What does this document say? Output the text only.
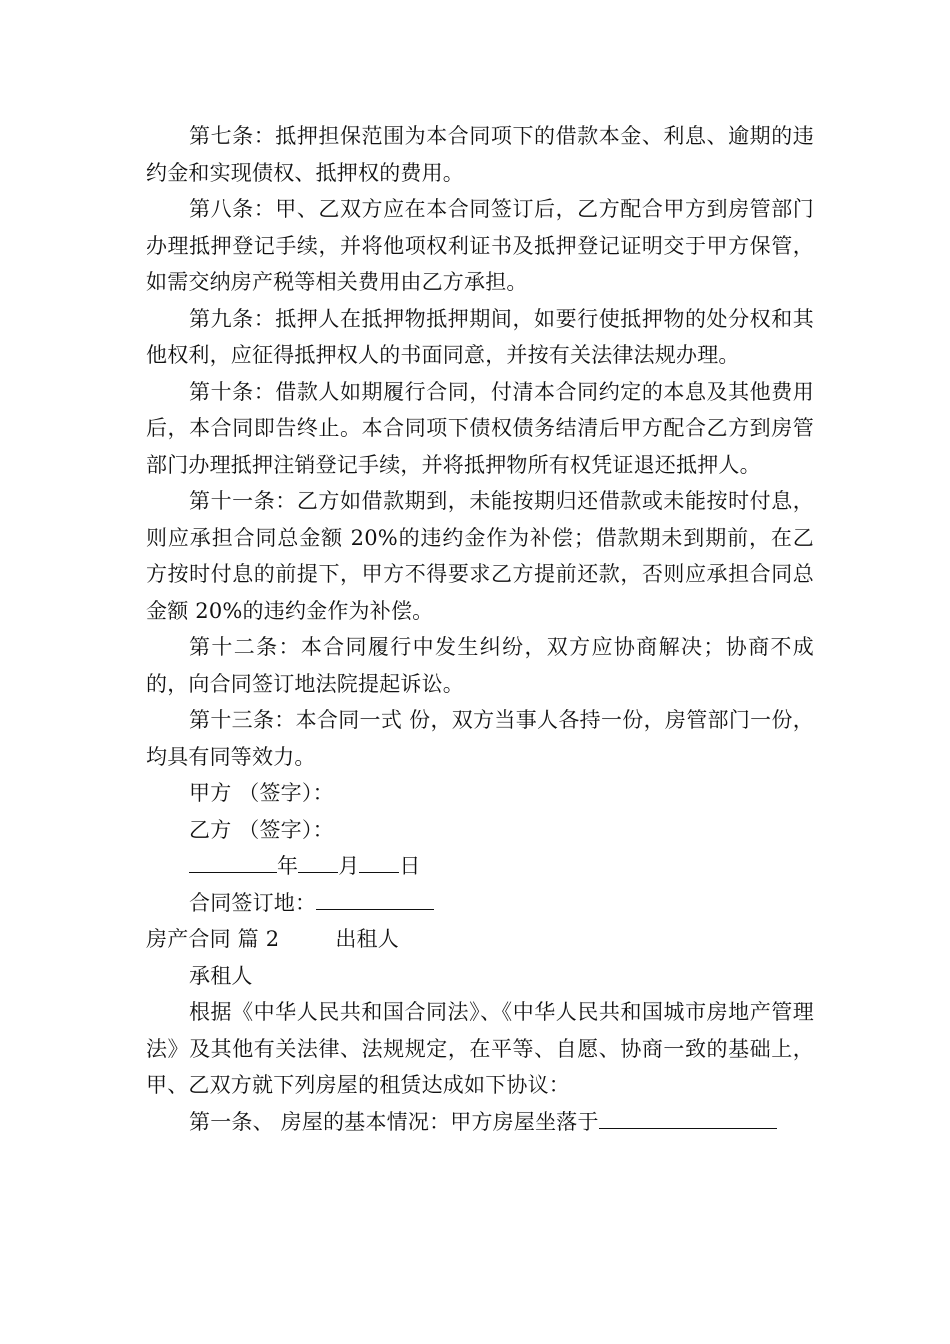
第七条：抵押担保范围为本合同项下的借款本金、利息、逾期的违约金和实现债权、抵押权的费用。

第八条：甲、乙双方应在本合同签订后，乙方配合甲方到房管部门办理抵押登记手续，并将他项权利证书及抵押登记证明交于甲方保管，如需交纳房产税等相关费用由乙方承担。

第九条：抵押人在抵押物抵押期间，如要行使抵押物的处分权和其他权利，应征得抵押权人的书面同意，并按有关法律法规办理。

第十条：借款人如期履行合同，付清本合同约定的本息及其他费用后，本合同即告终止。本合同项下债权债务结清后甲方配合乙方到房管部门办理抵押注销登记手续，并将抵押物所有权凭证退还抵押人。

第十一条：乙方如借款期到，未能按期归还借款或未能按时付息，则应承担合同总金额 20%的违约金作为补偿；借款期未到期前，在乙方按时付息的前提下，甲方不得要求乙方提前还款，否则应承担合同总金额 20%的违约金作为补偿。

第十二条：本合同履行中发生纠纷，双方应协商解决；协商不成的，向合同签订地法院提起诉讼。

第十三条：本合同一式 份，双方当事人各持一份，房管部门一份，均具有同等效力。

甲方 （签字）：

乙方 （签字）：

年 月 日

合同签订地：

房产合同 篇 2	出租人

承租人

根据《中华人民共和国合同法》、《中华人民共和国城市房地产管理法》及其他有关法律、法规规定，在平等、自愿、协商一致的基础上，甲、乙双方就下列房屋的租赁达成如下协议：

第一条、 房屋的基本情况：甲方房屋坐落于
